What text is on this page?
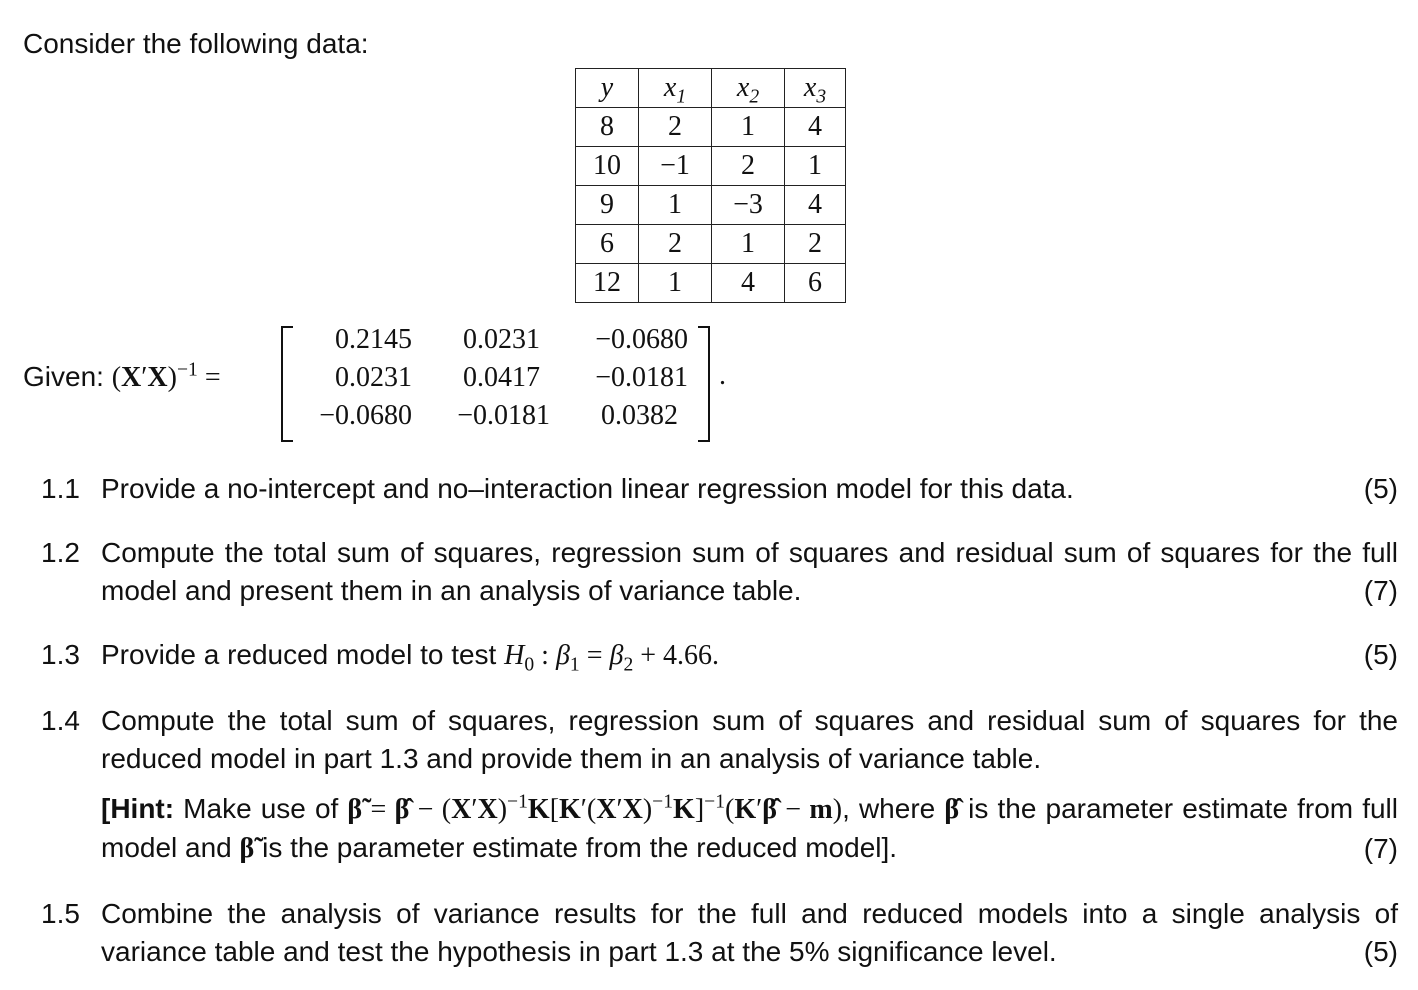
Consider the following data:
y	$x_1$	$x_2$	$x_3$
8	2	1	4
10	−1	2	1
9	1	−3	4
6	2	1	2
12	1	4	6
Given: $(X'X)^{-1}$ =
0.2145	0.0231	−0.0680
0.0231	0.0417	−0.0181
−0.0680	−0.0181	0.0382
.
1.1 Provide a no-intercept and no–interaction linear regression model for this data.	(5)
1.2 Compute the total sum of squares, regression sum of squares and residual sum of squares for the full model and present them in an analysis of variance table.	(7)
1.3 Provide a reduced model to test $H_0$ : $\beta_1 = \beta_2 + 4.66$.	(5)
1.4 Compute the total sum of squares, regression sum of squares and residual sum of squares for the reduced model in part 1.3 and provide them in an analysis of variance table.
[Hint: Make use of β̃ = β̂ − $(X'X)^{-1}K[K'(X'X)^{-1}K]^{-1}(K'\betâ - m)$, where β̂ is the parameter estimate from full model and β̃ is the parameter estimate from the reduced model].	(7)
1.5 Combine the analysis of variance results for the full and reduced models into a single analysis of variance table and test the hypothesis in part 1.3 at the 5% significance level.	(5)
